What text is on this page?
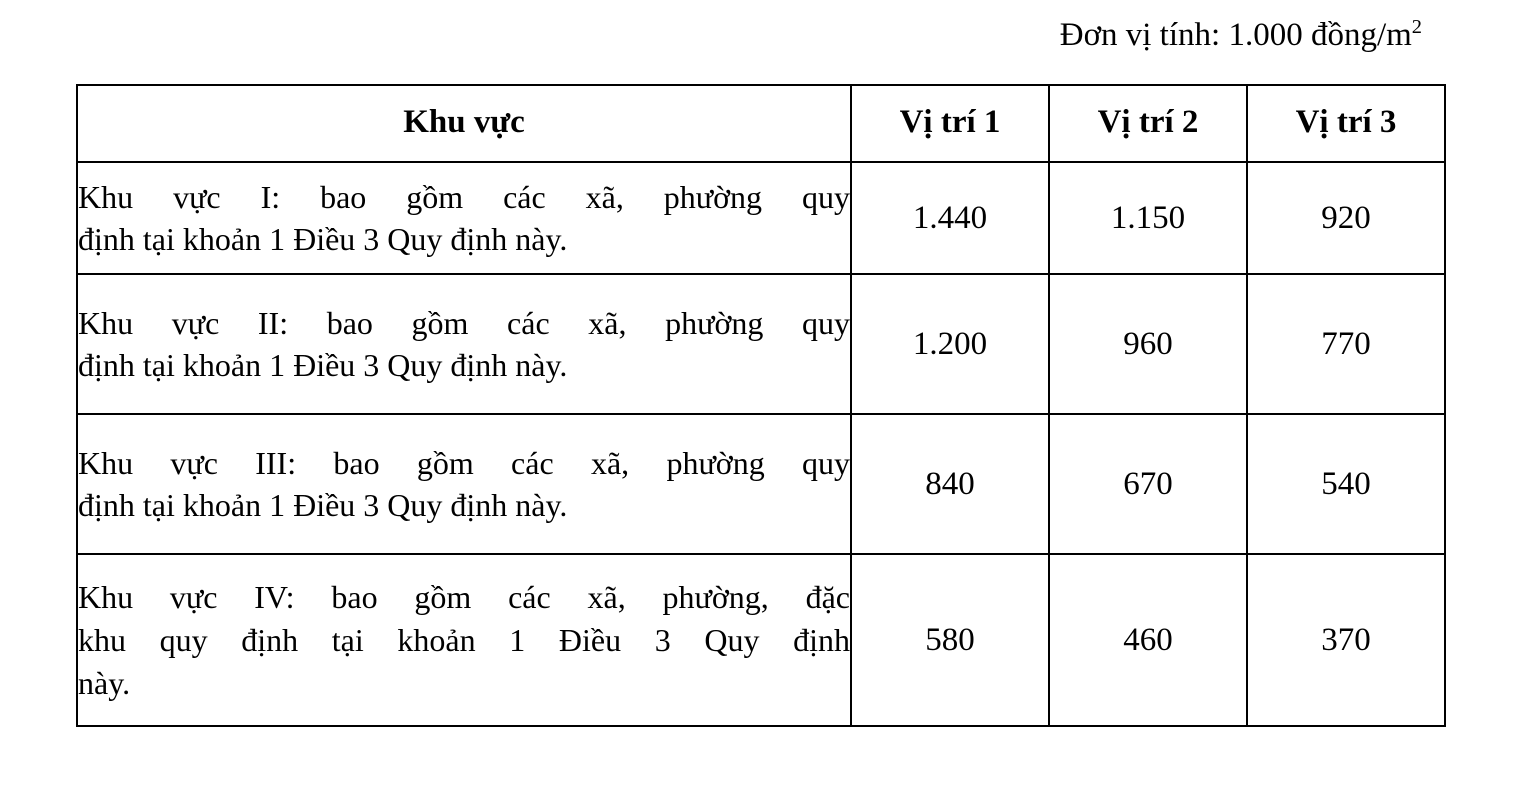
Đơn vị tính: 1.000 đồng/$m^2$
Khu vực	Vị trí 1	Vị trí 2	Vị trí 3

Khu vực I: bao gồm các xã, phường quy
định tại khoản 1 Điều 3 Quy định này.	1.440	1.150	920

Khu vực II: bao gồm các xã, phường quy
định tại khoản 1 Điều 3 Quy định này.	1.200	960	770

Khu vực III: bao gồm các xã, phường quy
định tại khoản 1 Điều 3 Quy định này.	840	670	540

Khu vực IV: bao gồm các xã, phường, đặc
khu quy định tại khoản 1 Điều 3 Quy định
này.	580	460	370
